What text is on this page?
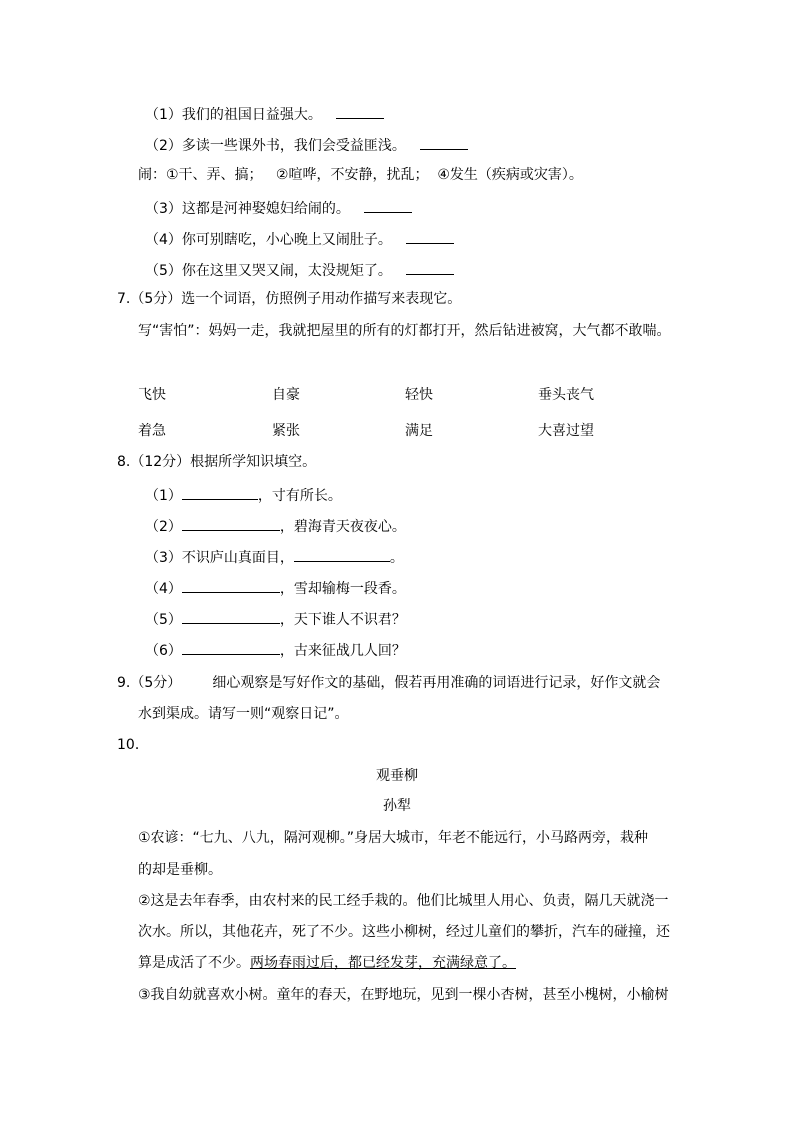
（1）我们的祖国日益强大。
（2）多读一些课外书，我们会受益匪浅。
闹：①干、弄、搞；   ②喧哗，不安静，扰乱；  ④发生（疾病或灾害）。
（3）这都是河神娶媳妇给闹的。
（4）你可别瞎吃，小心晚上又闹肚子。
（5）你在这里又哭又闹，太没规矩了。
7.（5分）选一个词语，仿照例子用动作描写来表现它。
写“害怕”：妈妈一走，我就把屋里的所有的灯都打开，然后钻进被窝，大气都不敢喘。
飞快	自豪	轻快	垂头丧气
着急	紧张	满足	大喜过望
8.（12分）根据所学知识填空。
（1）	，寸有所长。
（2）	，碧海青天夜夜心。
（3）不识庐山真面目，	。
（4）	，雪却输梅一段香。
（5）	，天下谁人不识君？
（6）	，古来征战几人回？
9.（5分）       细心观察是写好作文的基础，假若再用准确的词语进行记录，好作文就会
水到渠成。请写一则“观察日记”。
10．
观垂柳
孙犁
①农谚：“七九、八九，隔河观柳。”身居大城市，年老不能远行，小马路两旁，栽种
的却是垂柳。
②这是去年春季，由农村来的民工经手栽的。他们比城里人用心、负责，隔几天就浇一
次水。所以，其他花卉，死了不少。这些小柳树，经过儿童们的攀折，汽车的碰撞，还
算是成活了不少。两场春雨过后，都已经发芽，充满绿意了。
③我自幼就喜欢小树。童年的春天，在野地玩，见到一棵小杏树，甚至小槐树，小榆树
